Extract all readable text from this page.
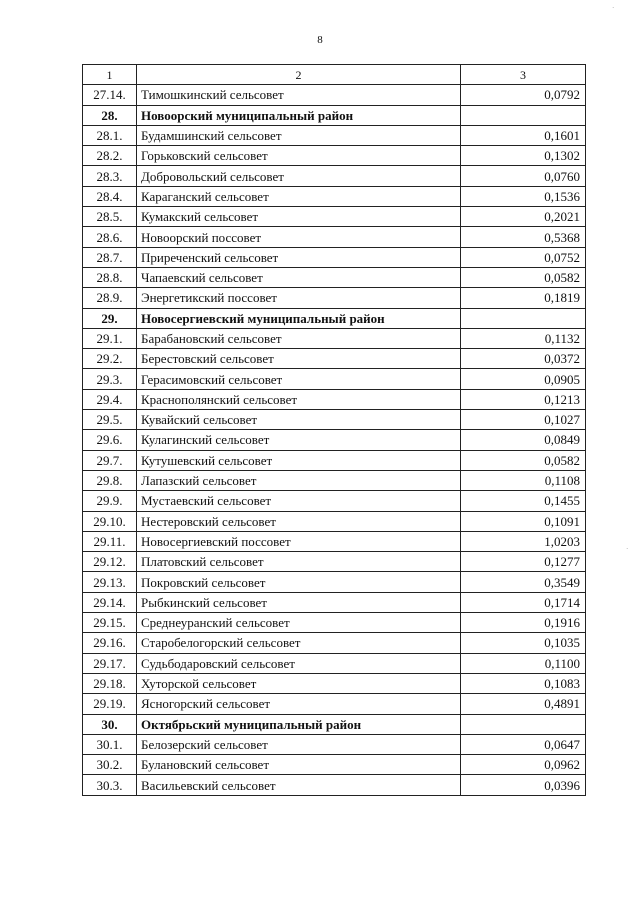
8
·
·
1	2	3
27.14.	Тимошкинский сельсовет	0,0792
28.	Новоорский муниципальный район	
28.1.	Будамшинский сельсовет	0,1601
28.2.	Горьковский сельсовет	0,1302
28.3.	Добровольский сельсовет	0,0760
28.4.	Караганский сельсовет	0,1536
28.5.	Кумакский сельсовет	0,2021
28.6.	Новоорский поссовет	0,5368
28.7.	Приреченский сельсовет	0,0752
28.8.	Чапаевский сельсовет	0,0582
28.9.	Энергетикский поссовет	0,1819
29.	Новосергиевский муниципальный район	
29.1.	Барабановский сельсовет	0,1132
29.2.	Берестовский сельсовет	0,0372
29.3.	Герасимовский сельсовет	0,0905
29.4.	Краснополянский сельсовет	0,1213
29.5.	Кувайский сельсовет	0,1027
29.6.	Кулагинский сельсовет	0,0849
29.7.	Кутушевский сельсовет	0,0582
29.8.	Лапазский сельсовет	0,1108
29.9.	Мустаевский сельсовет	0,1455
29.10.	Нестеровский сельсовет	0,1091
29.11.	Новосергиевский поссовет	1,0203
29.12.	Платовский сельсовет	0,1277
29.13.	Покровский сельсовет	0,3549
29.14.	Рыбкинский сельсовет	0,1714
29.15.	Среднеуранский сельсовет	0,1916
29.16.	Старобелогорский сельсовет	0,1035
29.17.	Судьбодаровский сельсовет	0,1100
29.18.	Хуторской сельсовет	0,1083
29.19.	Ясногорский сельсовет	0,4891
30.	Октябрьский муниципальный район	
30.1.	Белозерский сельсовет	0,0647
30.2.	Булановский сельсовет	0,0962
30.3.	Васильевский сельсовет	0,0396
